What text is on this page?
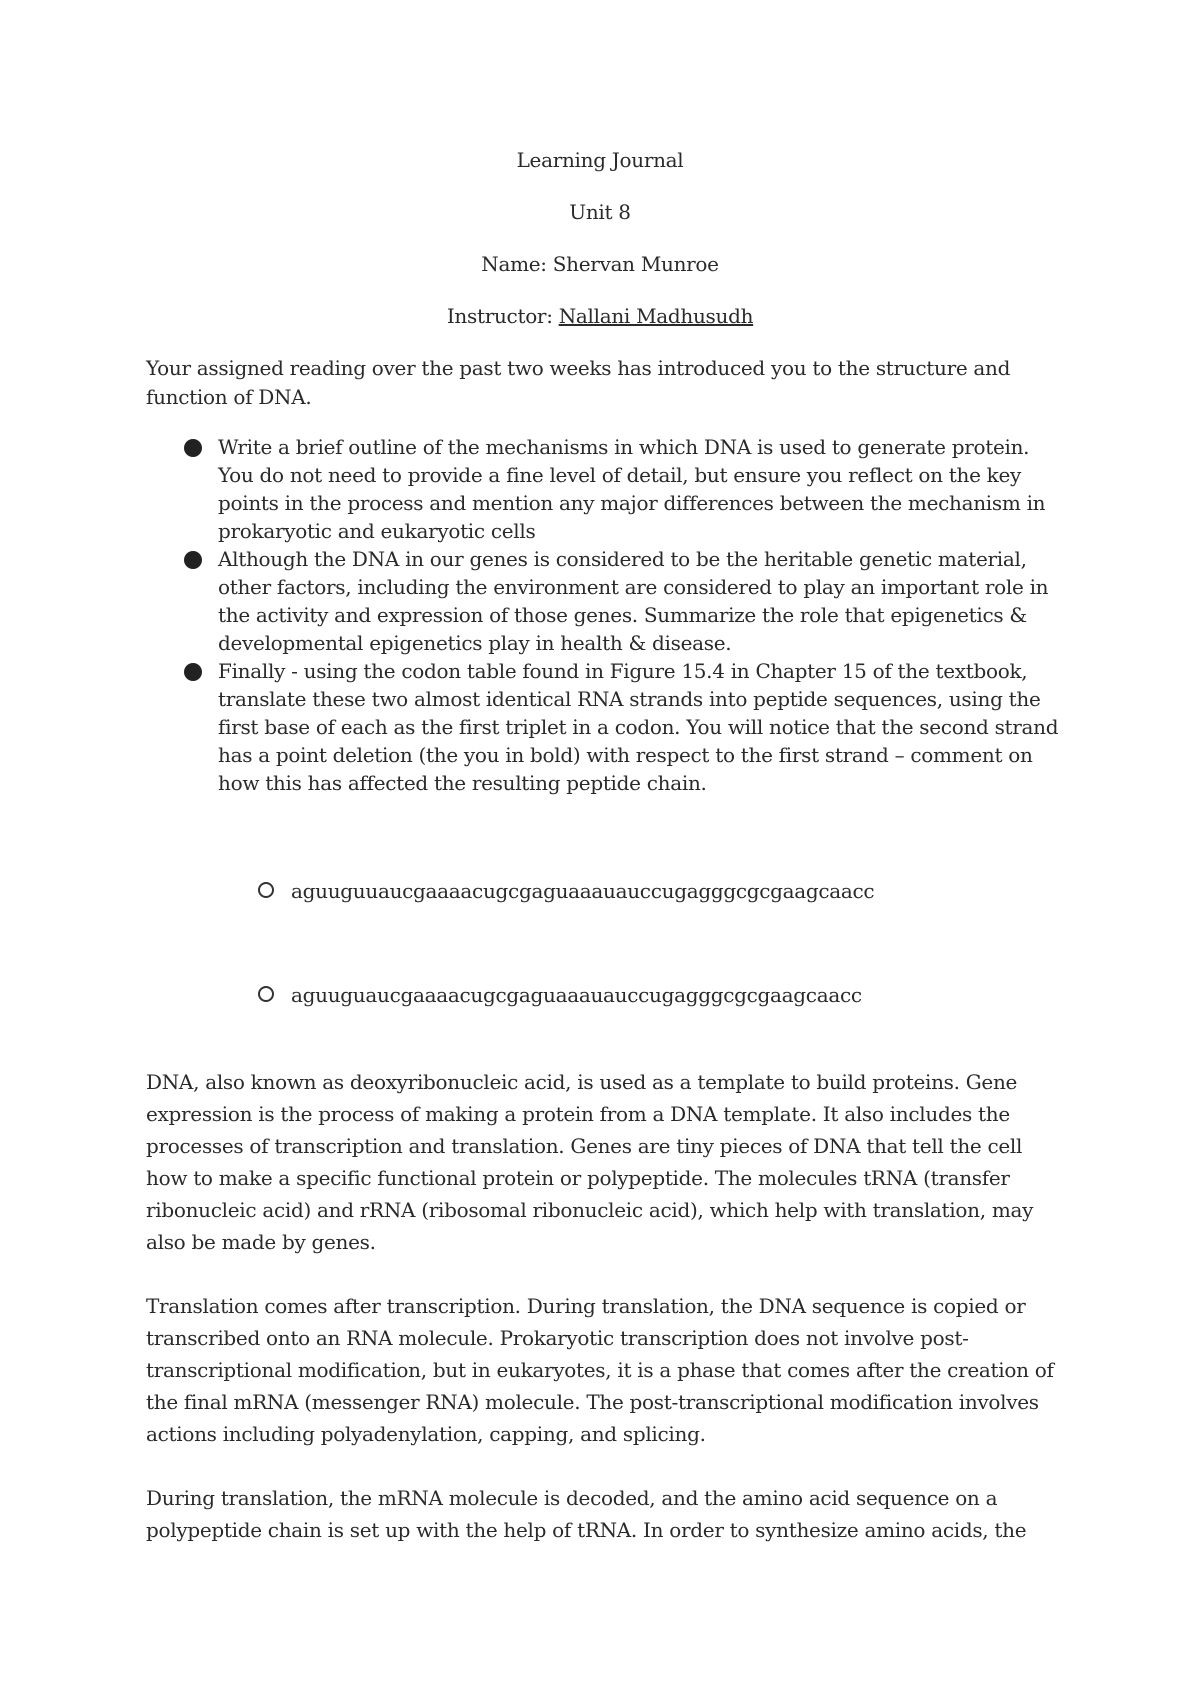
Learning Journal
Unit 8
Name: Shervan Munroe
Instructor: Nallani Madhusudh
Your assigned reading over the past two weeks has introduced you to the structure and function of DNA.
Write a brief outline of the mechanisms in which DNA is used to generate protein. You do not need to provide a fine level of detail, but ensure you reflect on the key points in the process and mention any major differences between the mechanism in prokaryotic and eukaryotic cells
Although the DNA in our genes is considered to be the heritable genetic material, other factors, including the environment are considered to play an important role in the activity and expression of those genes. Summarize the role that epigenetics & developmental epigenetics play in health & disease.
Finally - using the codon table found in Figure 15.4 in Chapter 15 of the textbook, translate these two almost identical RNA strands into peptide sequences, using the first base of each as the first triplet in a codon. You will notice that the second strand has a point deletion (the you in bold) with respect to the first strand – comment on how this has affected the resulting peptide chain.
aguuguuaucgaaaacugcgaguaaauauccugagggcgcgaagcaacc
aguuguaucgaaaacugcgaguaaauauccugagggcgcgaagcaacc

DNA, also known as deoxyribonucleic acid, is used as a template to build proteins. Gene expression is the process of making a protein from a DNA template. It also includes the processes of transcription and translation. Genes are tiny pieces of DNA that tell the cell how to make a specific functional protein or polypeptide. The molecules tRNA (transfer ribonucleic acid) and rRNA (ribosomal ribonucleic acid), which help with translation, may also be made by genes.

Translation comes after transcription. During translation, the DNA sequence is copied or transcribed onto an RNA molecule. Prokaryotic transcription does not involve post-transcriptional modification, but in eukaryotes, it is a phase that comes after the creation of the final mRNA (messenger RNA) molecule. The post-transcriptional modification involves actions including polyadenylation, capping, and splicing.

During translation, the mRNA molecule is decoded, and the amino acid sequence on a polypeptide chain is set up with the help of tRNA. In order to synthesize amino acids, the
